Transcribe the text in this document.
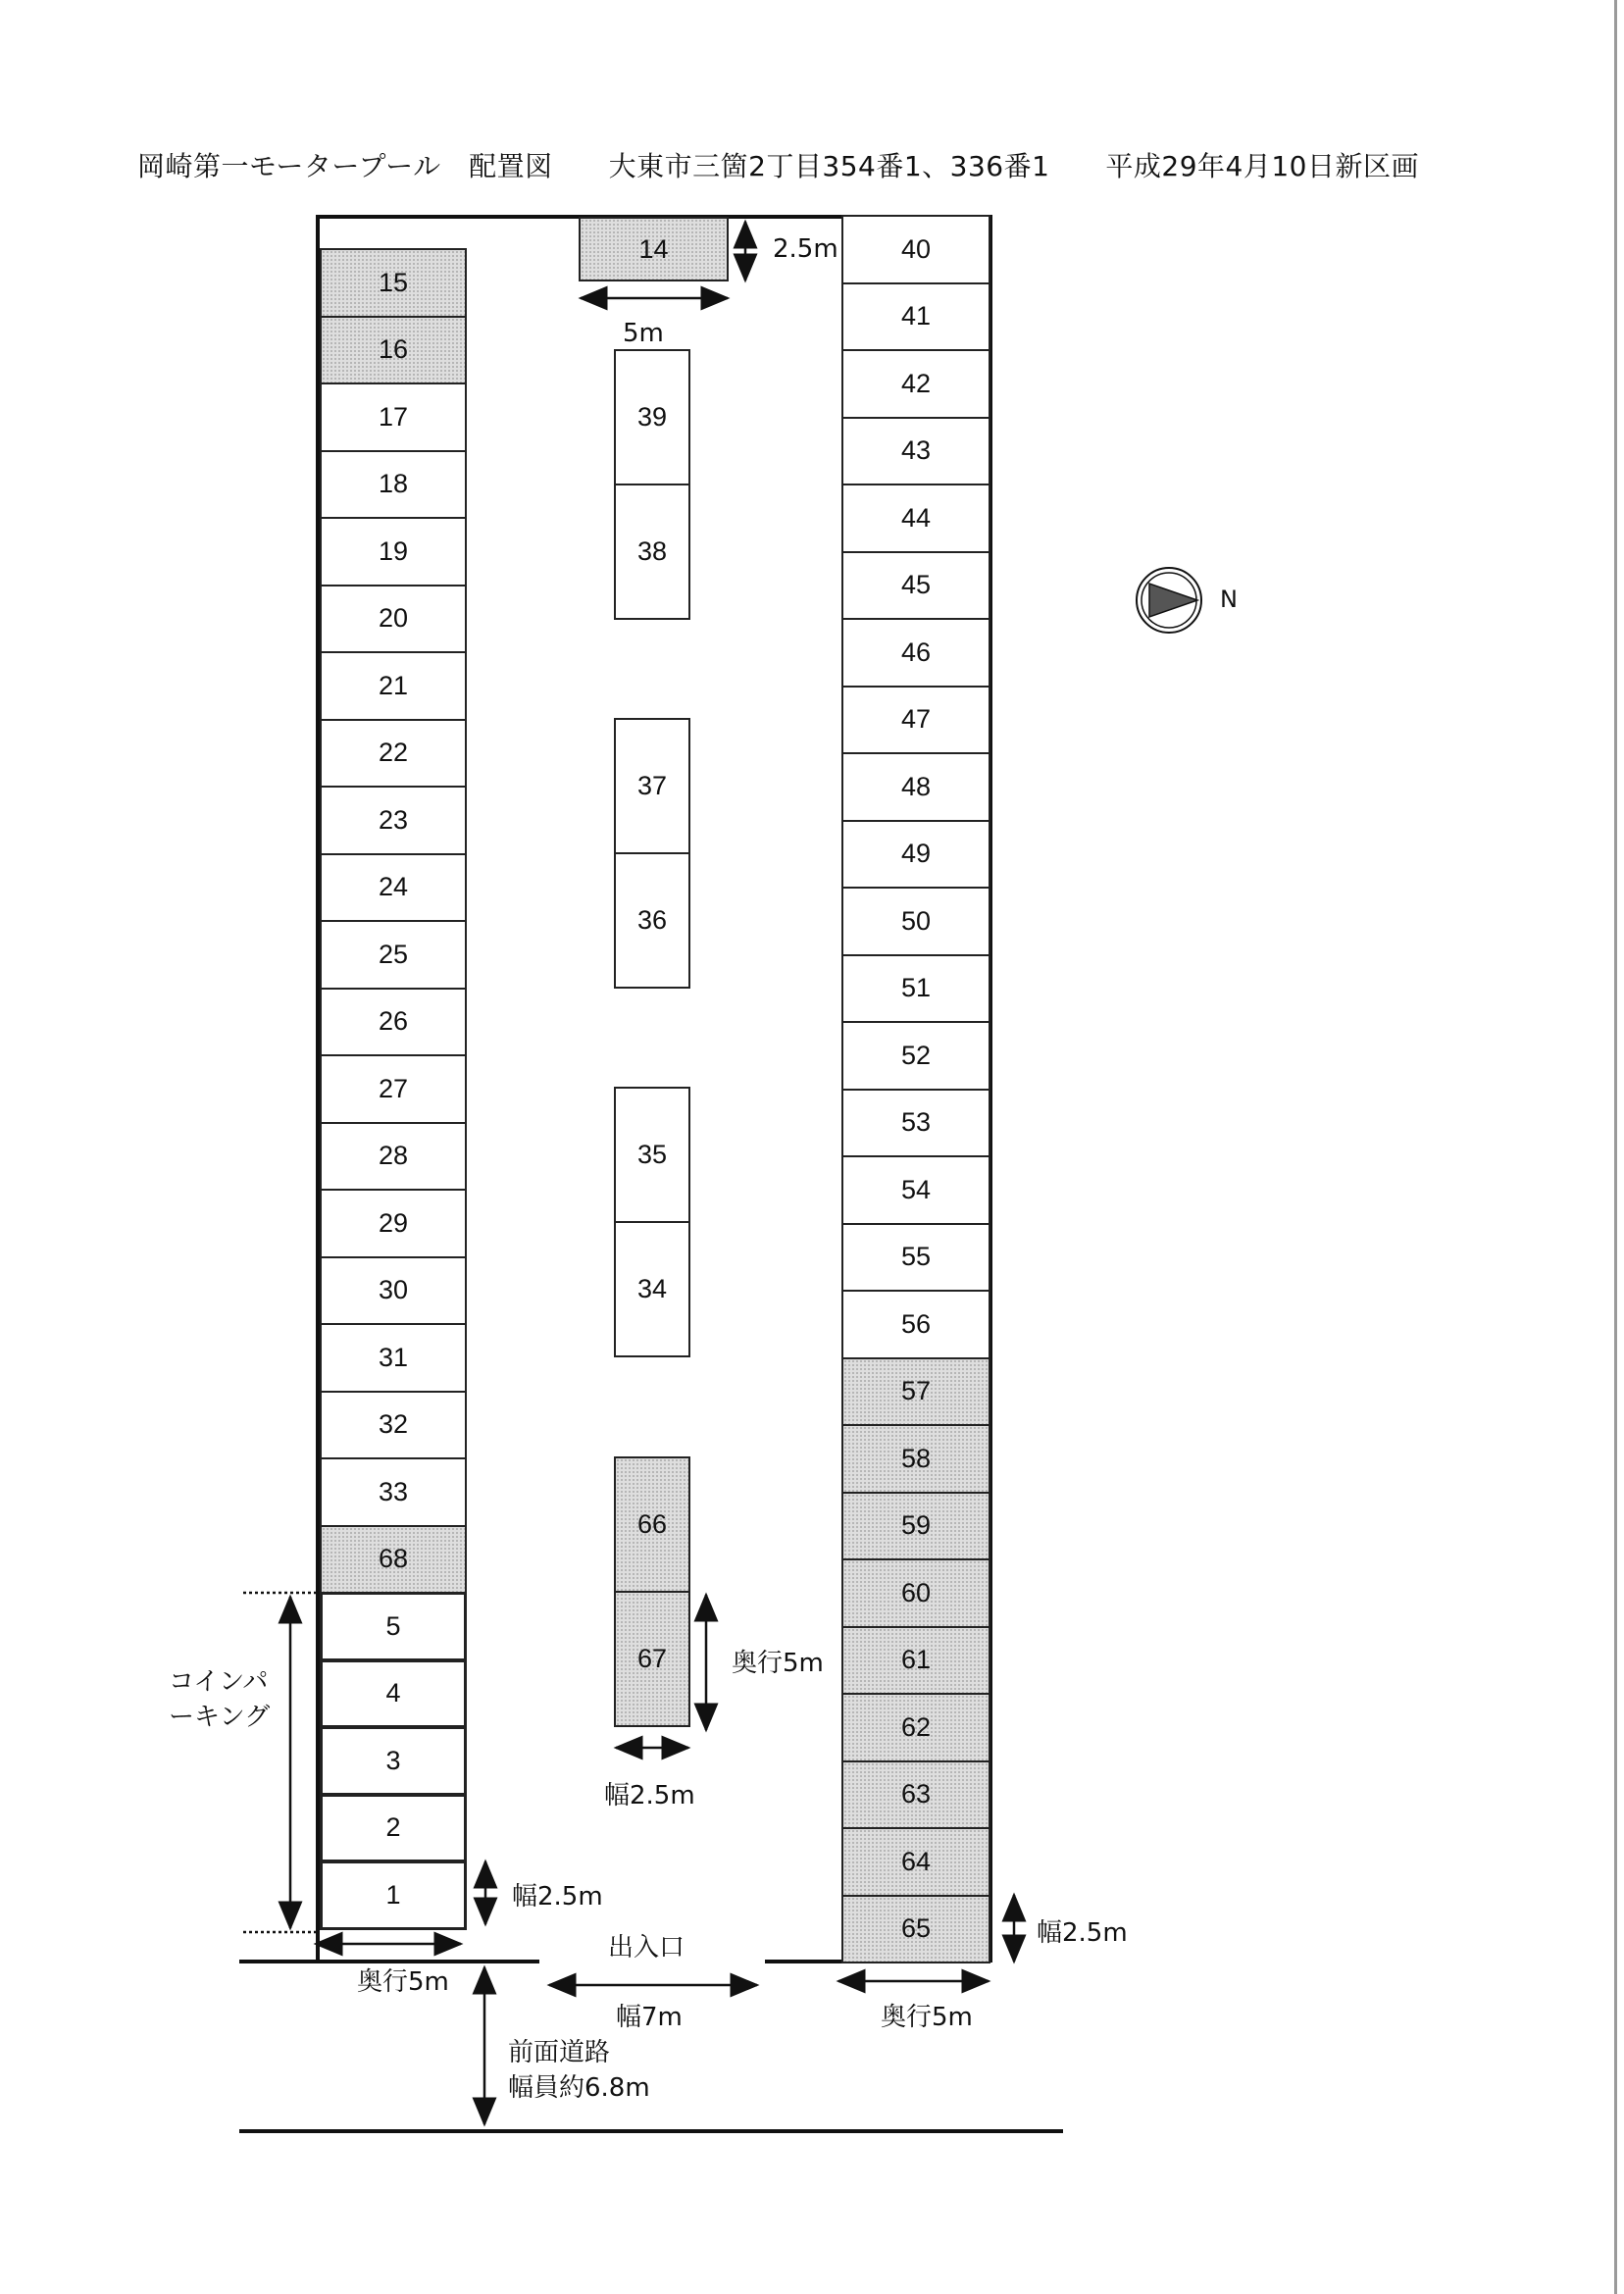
岡崎第一モータープール　配置図　　大東市三箇2丁目354番1、336番1　　平成29年4月10日新区画
15
16
17
18
19
20
21
22
23
24
25
26
27
28
29
30
31
32
33
68
5
4
3
2
1
14
39
38
37
36
35
34
66
67
40
41
42
43
44
45
46
47
48
49
50
51
52
53
54
55
56
57
58
59
60
61
62
63
64
65
N
2.5m
5m
コインパ
ーキング
奥行5m
幅2.5m
幅2.5m
奥行5m
出入口
幅7m
幅2.5m
奥行5m
前面道路
幅員約6.8m
